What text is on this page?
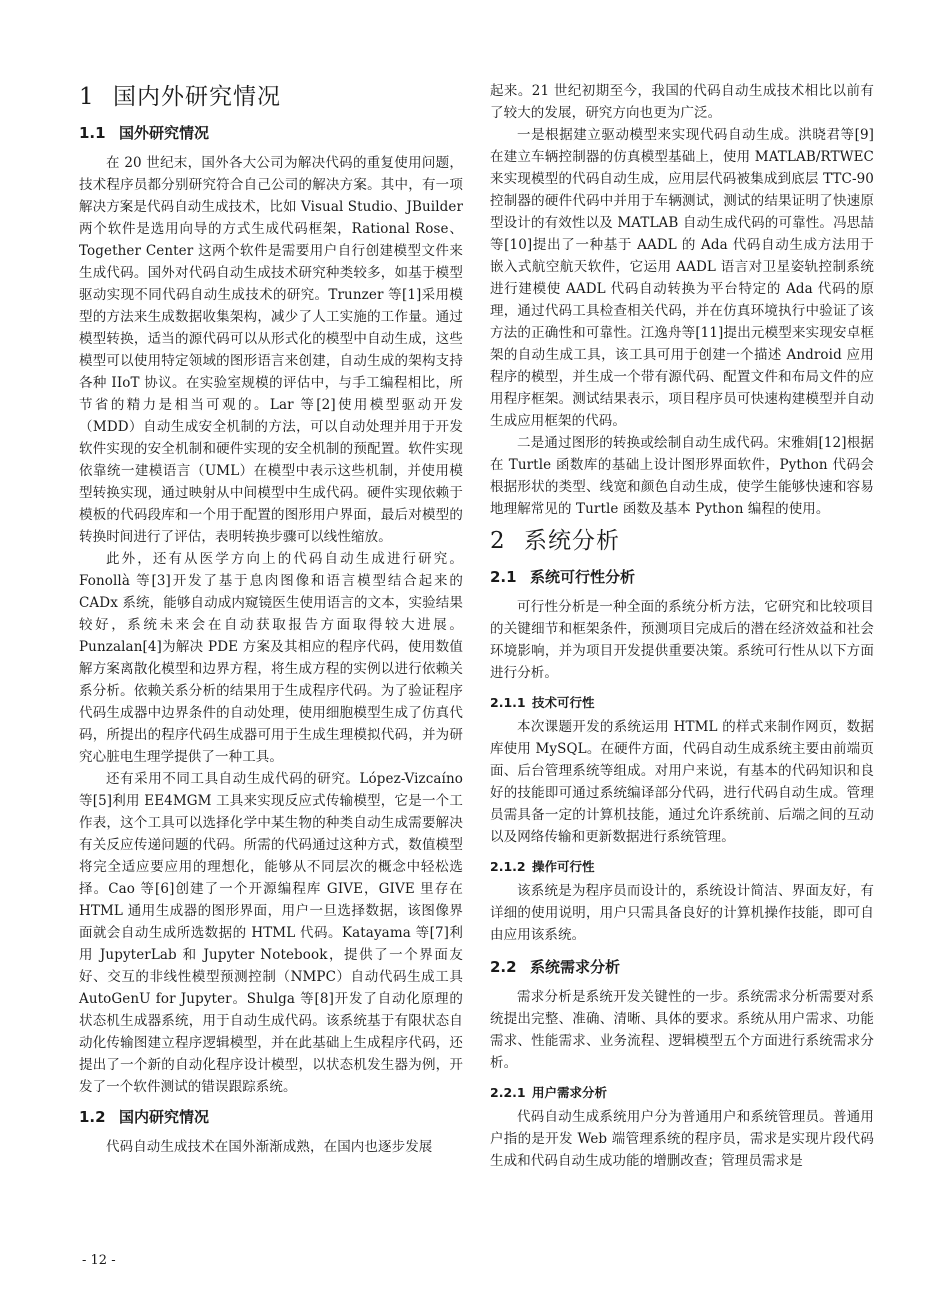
1 国内外研究情况
1.1 国外研究情况

在 20 世纪末，国外各大公司为解决代码的重复使用问题，技术程序员都分别研究符合自己公司的解决方案。其中，有一项解决方案是代码自动生成技术，比如 Visual Studio、JBuilder 两个软件是选用向导的方式生成代码框架，Rational Rose、Together Center 这两个软件是需要用户自行创建模型文件来生成代码。国外对代码自动生成技术研究种类较多，如基于模型驱动实现不同代码自动生成技术的研究。Trunzer 等[1]采用模型的方法来生成数据收集架构，减少了人工实施的工作量。通过模型转换，适当的源代码可以从形式化的模型中自动生成，这些模型可以使用特定领域的图形语言来创建，自动生成的架构支持各种 IIoT 协议。在实验室规模的评估中，与手工编程相比，所节省的精力是相当可观的。Lar 等[2]使用模型驱动开发（MDD）自动生成安全机制的方法，可以自动处理并用于开发软件实现的安全机制和硬件实现的安全机制的预配置。软件实现依靠统一建模语言（UML）在模型中表示这些机制，并使用模型转换实现，通过映射从中间模型中生成代码。硬件实现依赖于模板的代码段库和一个用于配置的图形用户界面，最后对模型的转换时间进行了评估，表明转换步骤可以线性缩放。

此外，还有从医学方向上的代码自动生成进行研究。Fonollà 等[3]开发了基于息肉图像和语言模型结合起来的 CADx 系统，能够自动成内窥镜医生使用语言的文本，实验结果较好，系统未来会在自动获取报告方面取得较大进展。Punzalan[4]为解决 PDE 方案及其相应的程序代码，使用数值解方案离散化模型和边界方程，将生成方程的实例以进行依赖关系分析。依赖关系分析的结果用于生成程序代码。为了验证程序代码生成器中边界条件的自动处理，使用细胞模型生成了仿真代码，所提出的程序代码生成器可用于生成生理模拟代码，并为研究心脏电生理学提供了一种工具。

还有采用不同工具自动生成代码的研究。López-Vizcaíno 等[5]利用 EE4MGM 工具来实现反应式传输模型，它是一个工作表，这个工具可以选择化学中某生物的种类自动生成需要解决有关反应传递问题的代码。所需的代码通过这种方式，数值模型将完全适应要应用的理想化，能够从不同层次的概念中轻松选择。Cao 等[6]创建了一个开源编程库 GIVE，GIVE 里存在 HTML 通用生成器的图形界面，用户一旦选择数据，该图像界面就会自动生成所选数据的 HTML 代码。Katayama 等[7]利用 JupyterLab 和 Jupyter Notebook，提供了一个界面友好、交互的非线性模型预测控制（NMPC）自动代码生成工具 AutoGenU for Jupyter。Shulga 等[8]开发了自动化原理的状态机生成器系统，用于自动生成代码。该系统基于有限状态自动化传输图建立程序逻辑模型，并在此基础上生成程序代码，还提出了一个新的自动化程序设计模型，以状态机发生器为例，开发了一个软件测试的错误跟踪系统。

1.2 国内研究情况

代码自动生成技术在国外渐渐成熟，在国内也逐步发展

起来。21 世纪初期至今，我国的代码自动生成技术相比以前有了较大的发展，研究方向也更为广泛。

一是根据建立驱动模型来实现代码自动生成。洪晓君等[9]在建立车辆控制器的仿真模型基础上，使用 MATLAB/RTWEC 来实现模型的代码自动生成，应用层代码被集成到底层 TTC-90 控制器的硬件代码中并用于车辆测试，测试的结果证明了快速原型设计的有效性以及 MATLAB 自动生成代码的可靠性。冯思喆等[10]提出了一种基于 AADL 的 Ada 代码自动生成方法用于嵌入式航空航天软件，它运用 AADL 语言对卫星姿轨控制系统进行建模使 AADL 代码自动转换为平台特定的 Ada 代码的原理，通过代码工具检查相关代码，并在仿真环境执行中验证了该方法的正确性和可靠性。江逸舟等[11]提出元模型来实现安卓框架的自动生成工具，该工具可用于创建一个描述 Android 应用程序的模型，并生成一个带有源代码、配置文件和布局文件的应用程序框架。测试结果表示，项目程序员可快速构建模型并自动生成应用框架的代码。

二是通过图形的转换或绘制自动生成代码。宋雅娟[12]根据在 Turtle 函数库的基础上设计图形界面软件，Python 代码会根据形状的类型、线宽和颜色自动生成，使学生能够快速和容易地理解常见的 Turtle 函数及基本 Python 编程的使用。

2 系统分析
2.1 系统可行性分析

可行性分析是一种全面的系统分析方法，它研究和比较项目的关键细节和框架条件，预测项目完成后的潜在经济效益和社会环境影响，并为项目开发提供重要决策。系统可行性从以下方面进行分析。

2.1.1 技术可行性

本次课题开发的系统运用 HTML 的样式来制作网页，数据库使用 MySQL。在硬件方面，代码自动生成系统主要由前端页面、后台管理系统等组成。对用户来说，有基本的代码知识和良好的技能即可通过系统编译部分代码，进行代码自动生成。管理员需具备一定的计算机技能，通过允许系统前、后端之间的互动以及网络传输和更新数据进行系统管理。

2.1.2 操作可行性

该系统是为程序员而设计的，系统设计简洁、界面友好，有详细的使用说明，用户只需具备良好的计算机操作技能，即可自由应用该系统。

2.2 系统需求分析

需求分析是系统开发关键性的一步。系统需求分析需要对系统提出完整、准确、清晰、具体的要求。系统从用户需求、功能需求、性能需求、业务流程、逻辑模型五个方面进行系统需求分析。

2.2.1 用户需求分析

代码自动生成系统用户分为普通用户和系统管理员。普通用户指的是开发 Web 端管理系统的程序员，需求是实现片段代码生成和代码自动生成功能的增删改查；管理员需求是

- 12 -
